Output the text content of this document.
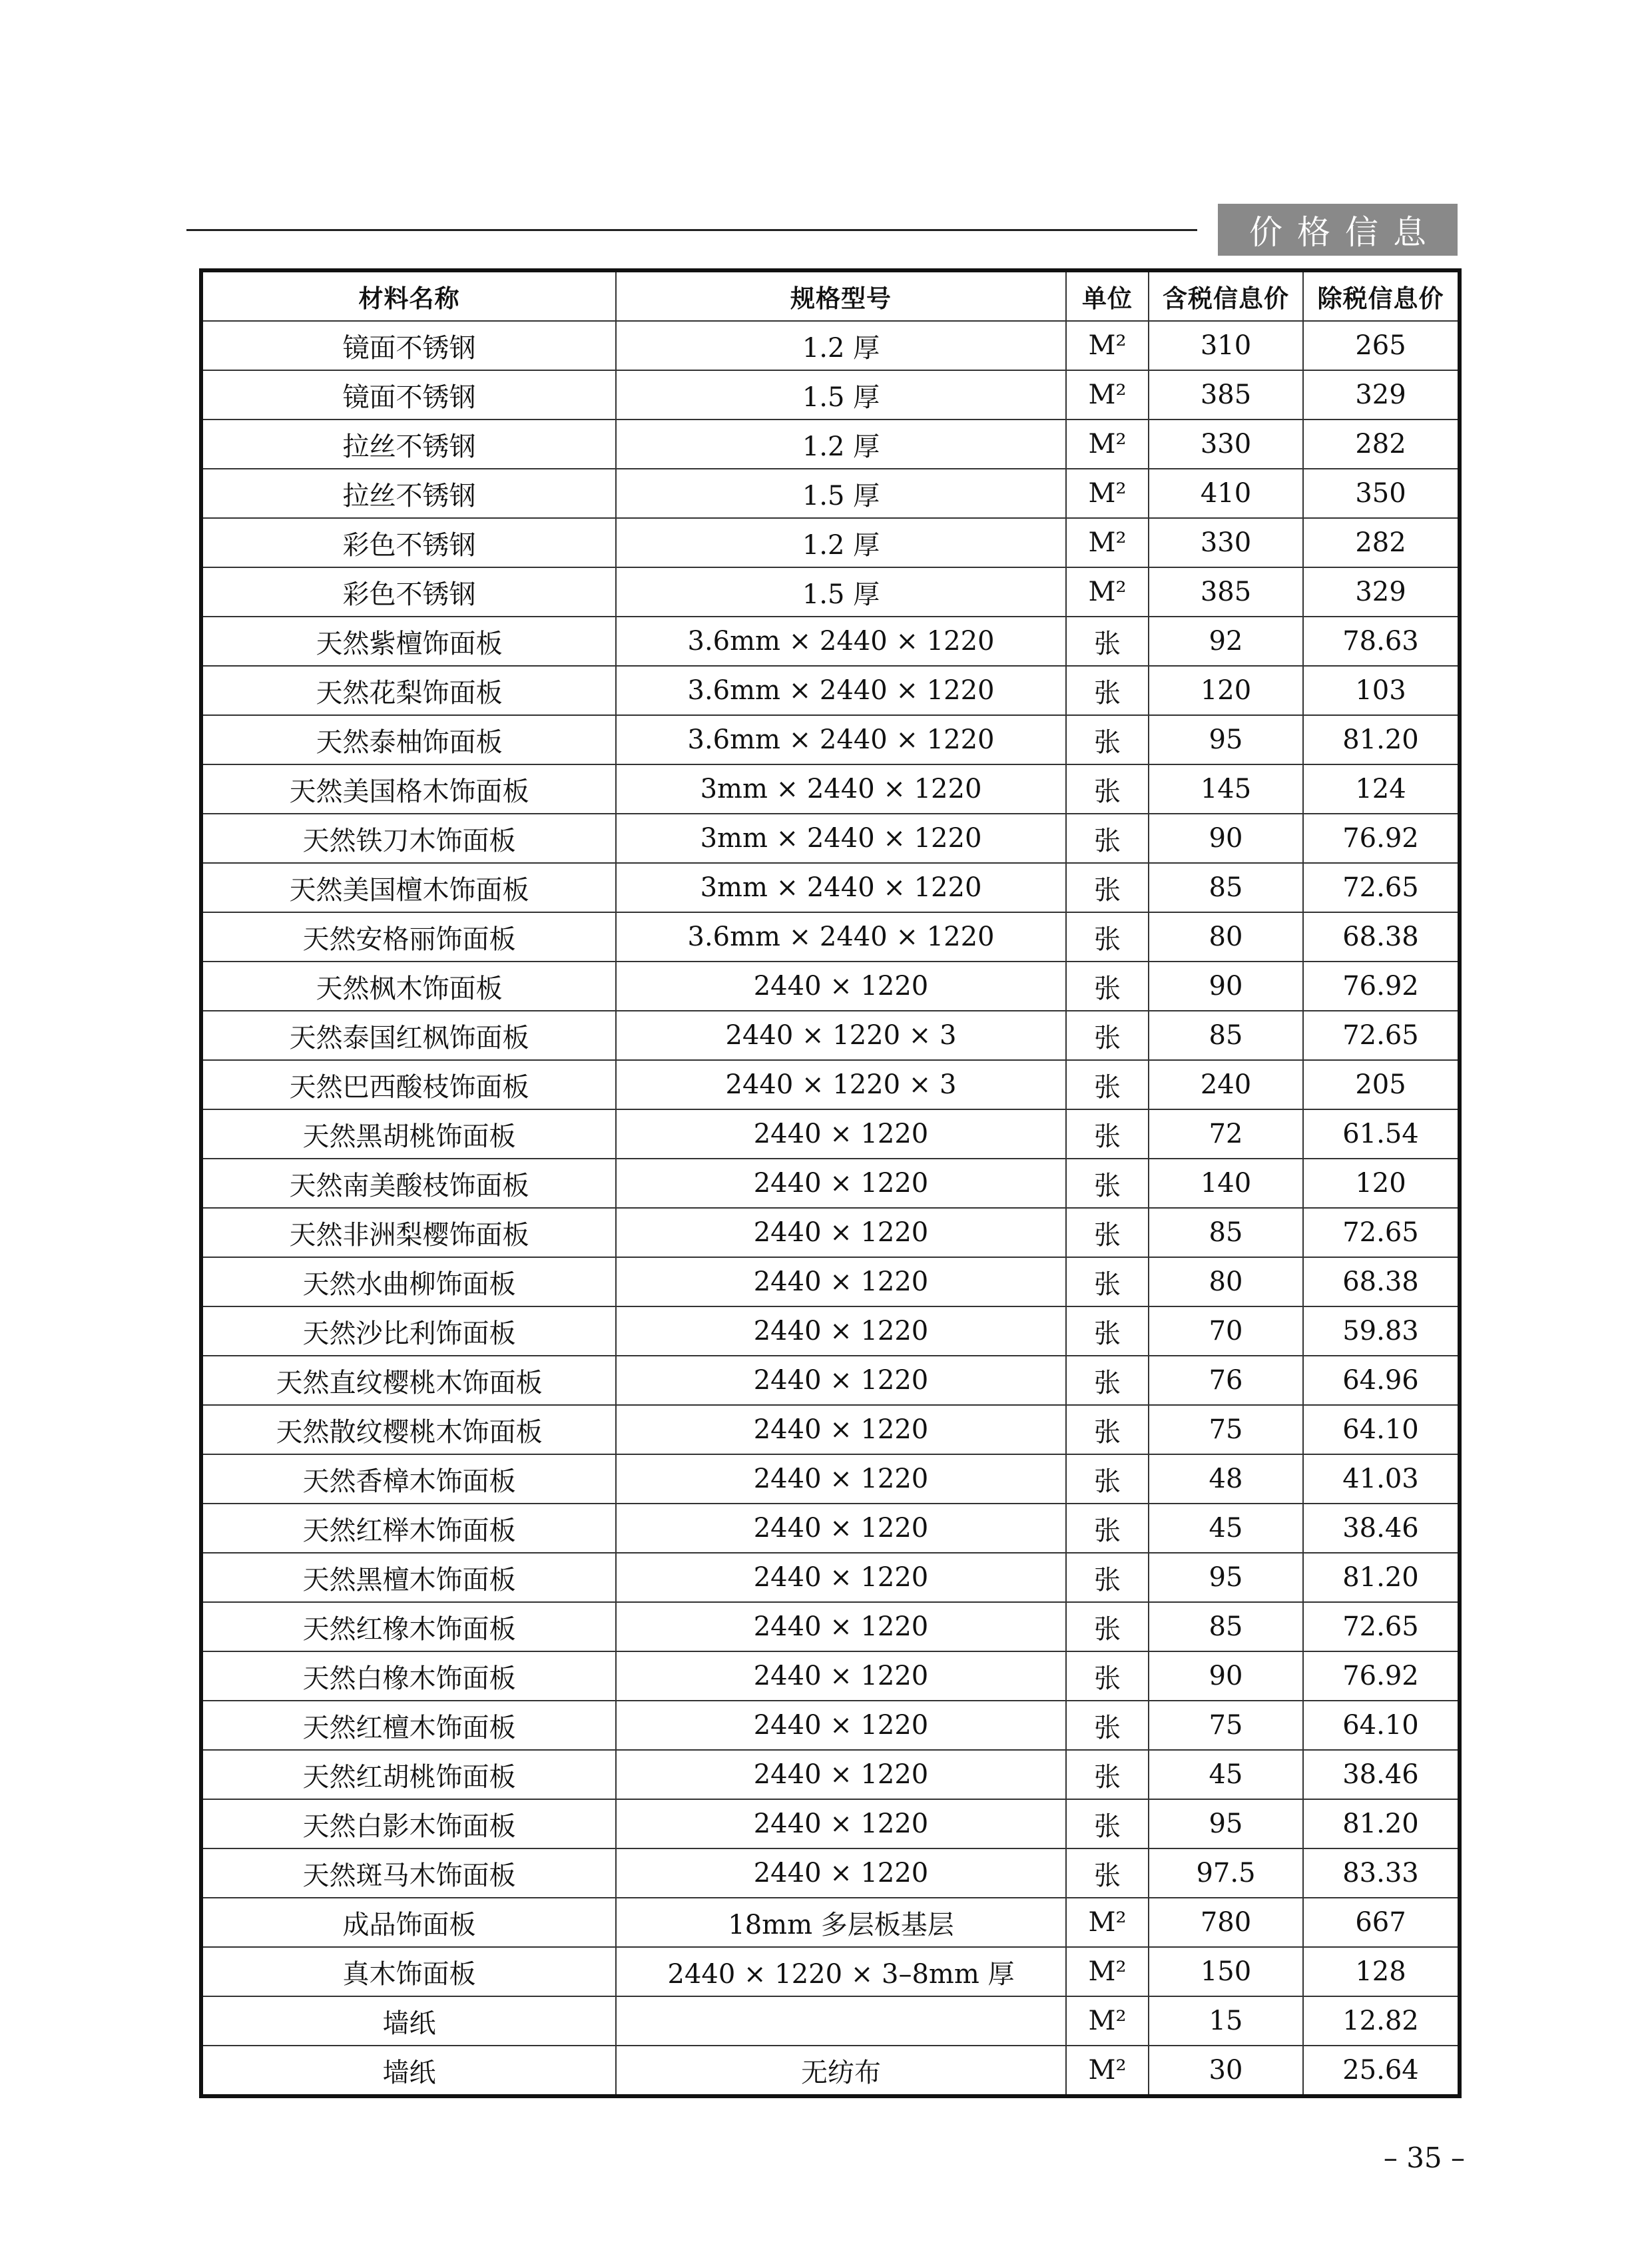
价格信息
材料名称	规格型号	单位	含税信息价	除税信息价
镜面不锈钢	1.2 厚	M²	310	265
镜面不锈钢	1.5 厚	M²	385	329
拉丝不锈钢	1.2 厚	M²	330	282
拉丝不锈钢	1.5 厚	M²	410	350
彩色不锈钢	1.2 厚	M²	330	282
彩色不锈钢	1.5 厚	M²	385	329
天然紫檀饰面板	3.6mm × 2440 × 1220	张	92	78.63
天然花梨饰面板	3.6mm × 2440 × 1220	张	120	103
天然泰柚饰面板	3.6mm × 2440 × 1220	张	95	81.20
天然美国格木饰面板	3mm × 2440 × 1220	张	145	124
天然铁刀木饰面板	3mm × 2440 × 1220	张	90	76.92
天然美国檀木饰面板	3mm × 2440 × 1220	张	85	72.65
天然安格丽饰面板	3.6mm × 2440 × 1220	张	80	68.38
天然枫木饰面板	2440 × 1220	张	90	76.92
天然泰国红枫饰面板	2440 × 1220 × 3	张	85	72.65
天然巴西酸枝饰面板	2440 × 1220 × 3	张	240	205
天然黑胡桃饰面板	2440 × 1220	张	72	61.54
天然南美酸枝饰面板	2440 × 1220	张	140	120
天然非洲梨樱饰面板	2440 × 1220	张	85	72.65
天然水曲柳饰面板	2440 × 1220	张	80	68.38
天然沙比利饰面板	2440 × 1220	张	70	59.83
天然直纹樱桃木饰面板	2440 × 1220	张	76	64.96
天然散纹樱桃木饰面板	2440 × 1220	张	75	64.10
天然香樟木饰面板	2440 × 1220	张	48	41.03
天然红榉木饰面板	2440 × 1220	张	45	38.46
天然黑檀木饰面板	2440 × 1220	张	95	81.20
天然红橡木饰面板	2440 × 1220	张	85	72.65
天然白橡木饰面板	2440 × 1220	张	90	76.92
天然红檀木饰面板	2440 × 1220	张	75	64.10
天然红胡桃饰面板	2440 × 1220	张	45	38.46
天然白影木饰面板	2440 × 1220	张	95	81.20
天然斑马木饰面板	2440 × 1220	张	97.5	83.33
成品饰面板	18mm 多层板基层	M²	780	667
真木饰面板	2440 × 1220 × 3–8mm 厚	M²	150	128
墙纸		M²	15	12.82
墙纸	无纺布	M²	30	25.64
– 35 –
